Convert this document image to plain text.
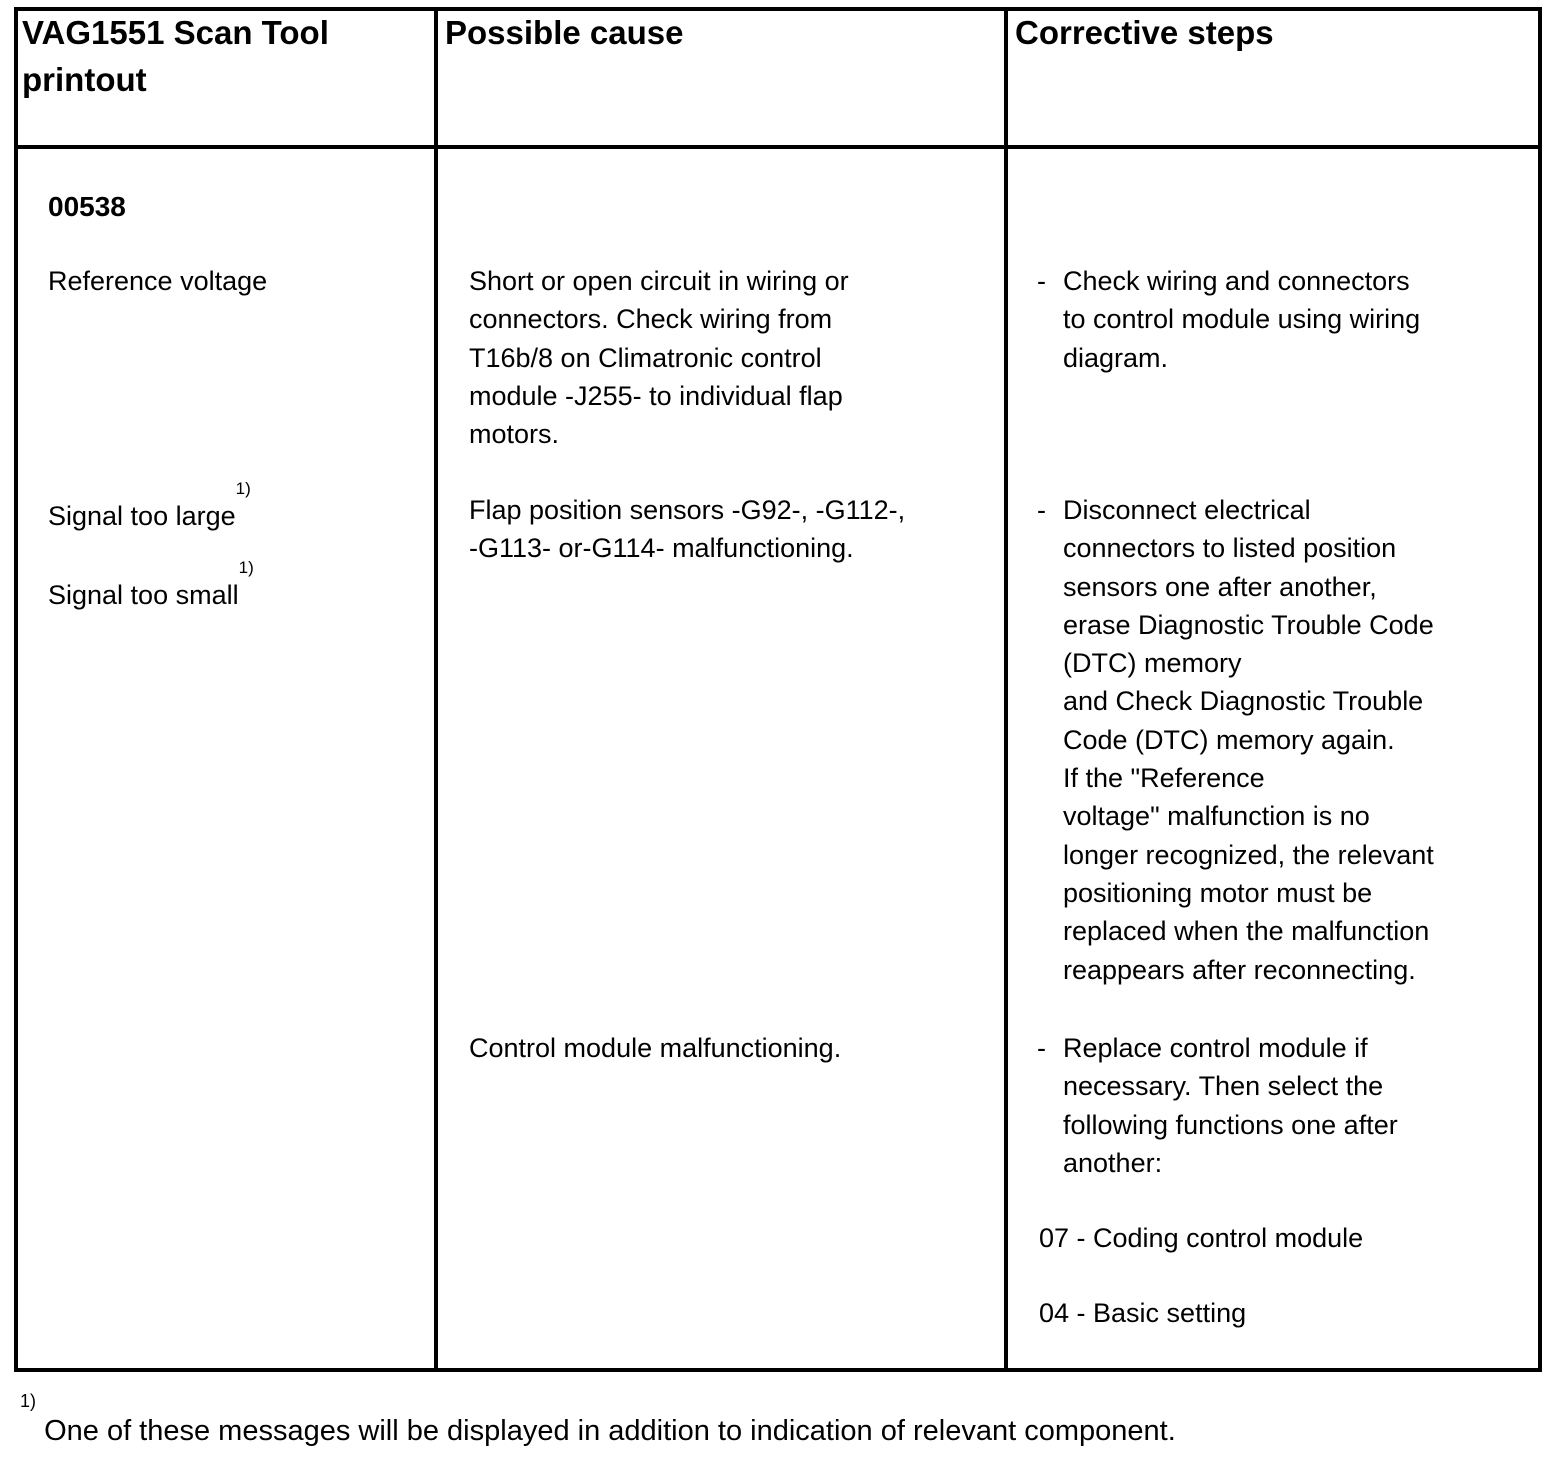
VAG1551 Scan Tool
printout
Possible cause	Corrective steps
00538
Reference voltage
Signal too large$^{1)}$
Signal too small$^{1)}$
Short or open circuit in wiring or
connectors. Check wiring from
T16b/8 on Climatronic control
module -J255- to individual flap
motors.
Flap position sensors -G92-, -G112-,
-G113- or-G114- malfunctioning.
Control module malfunctioning.
- Check wiring and connectors
to control module using wiring
diagram.
- Disconnect electrical
connectors to listed position
sensors one after another,
erase Diagnostic Trouble Code
(DTC) memory
and Check Diagnostic Trouble
Code (DTC) memory again.
If the "Reference
voltage" malfunction is no
longer recognized, the relevant
positioning motor must be
replaced when the malfunction
reappears after reconnecting.
- Replace control module if
necessary. Then select the
following functions one after
another:
07 - Coding control module
04 - Basic setting
$^{1)}$ One of these messages will be displayed in addition to indication of relevant component.
